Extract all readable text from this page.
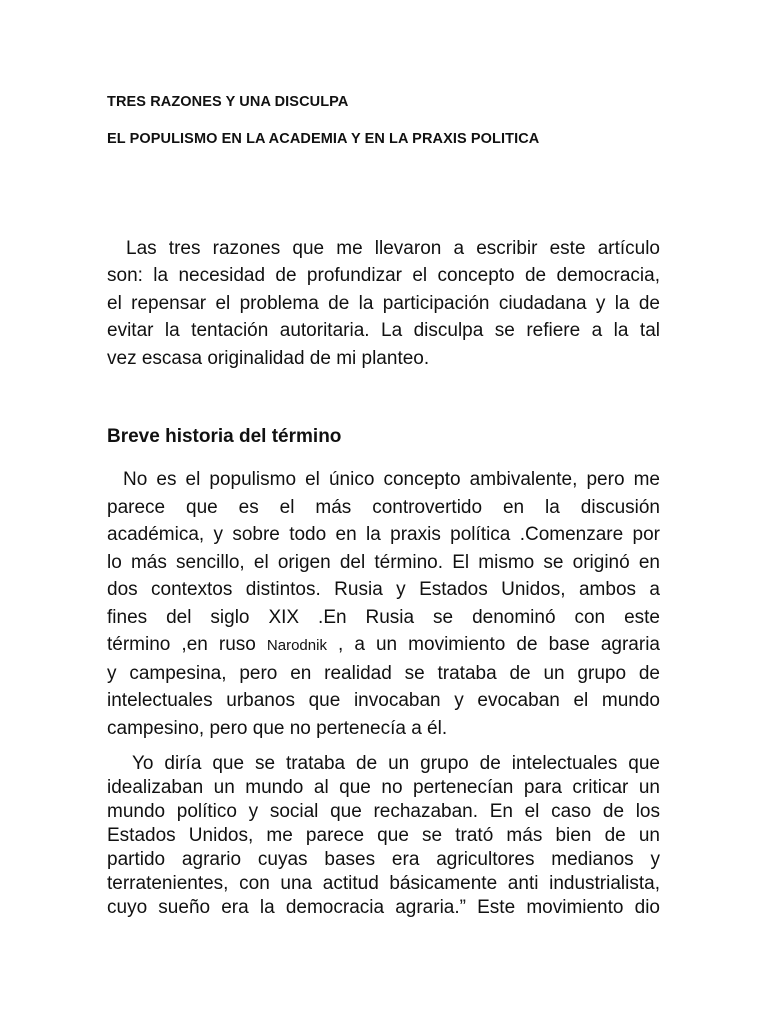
TRES RAZONES Y UNA DISCULPA
EL POPULISMO EN LA ACADEMIA Y EN LA PRAXIS POLITICA
Las tres razones que me llevaron a escribir este artículo
son: la necesidad de profundizar el concepto de democracia,
el repensar el problema de la participación ciudadana y la de
evitar la tentación autoritaria. La disculpa se refiere a la tal
vez escasa originalidad de mi planteo.
Breve historia del término
No es el populismo el único concepto ambivalente, pero me
parece que es el más controvertido en la discusión
académica, y sobre todo en la praxis política .Comenzare por
lo más sencillo, el origen del término. El mismo se originó en
dos contextos distintos. Rusia y Estados Unidos, ambos a
fines del siglo XIX .En Rusia se denominó con este
término ,en ruso Narodnik , a un movimiento de base agraria
y campesina, pero en realidad se trataba de un grupo de
intelectuales urbanos que invocaban y evocaban el mundo
campesino, pero que no pertenecía a él.
Yo diría que se trataba de un grupo de intelectuales que
idealizaban un mundo al que no pertenecían para criticar un
mundo político y social que rechazaban. En el caso de los
Estados Unidos, me parece que se trató más bien de un
partido agrario cuyas bases era agricultores medianos y
terratenientes, con una actitud básicamente anti industrialista,
cuyo sueño era la democracia agraria.” Este movimiento dio
